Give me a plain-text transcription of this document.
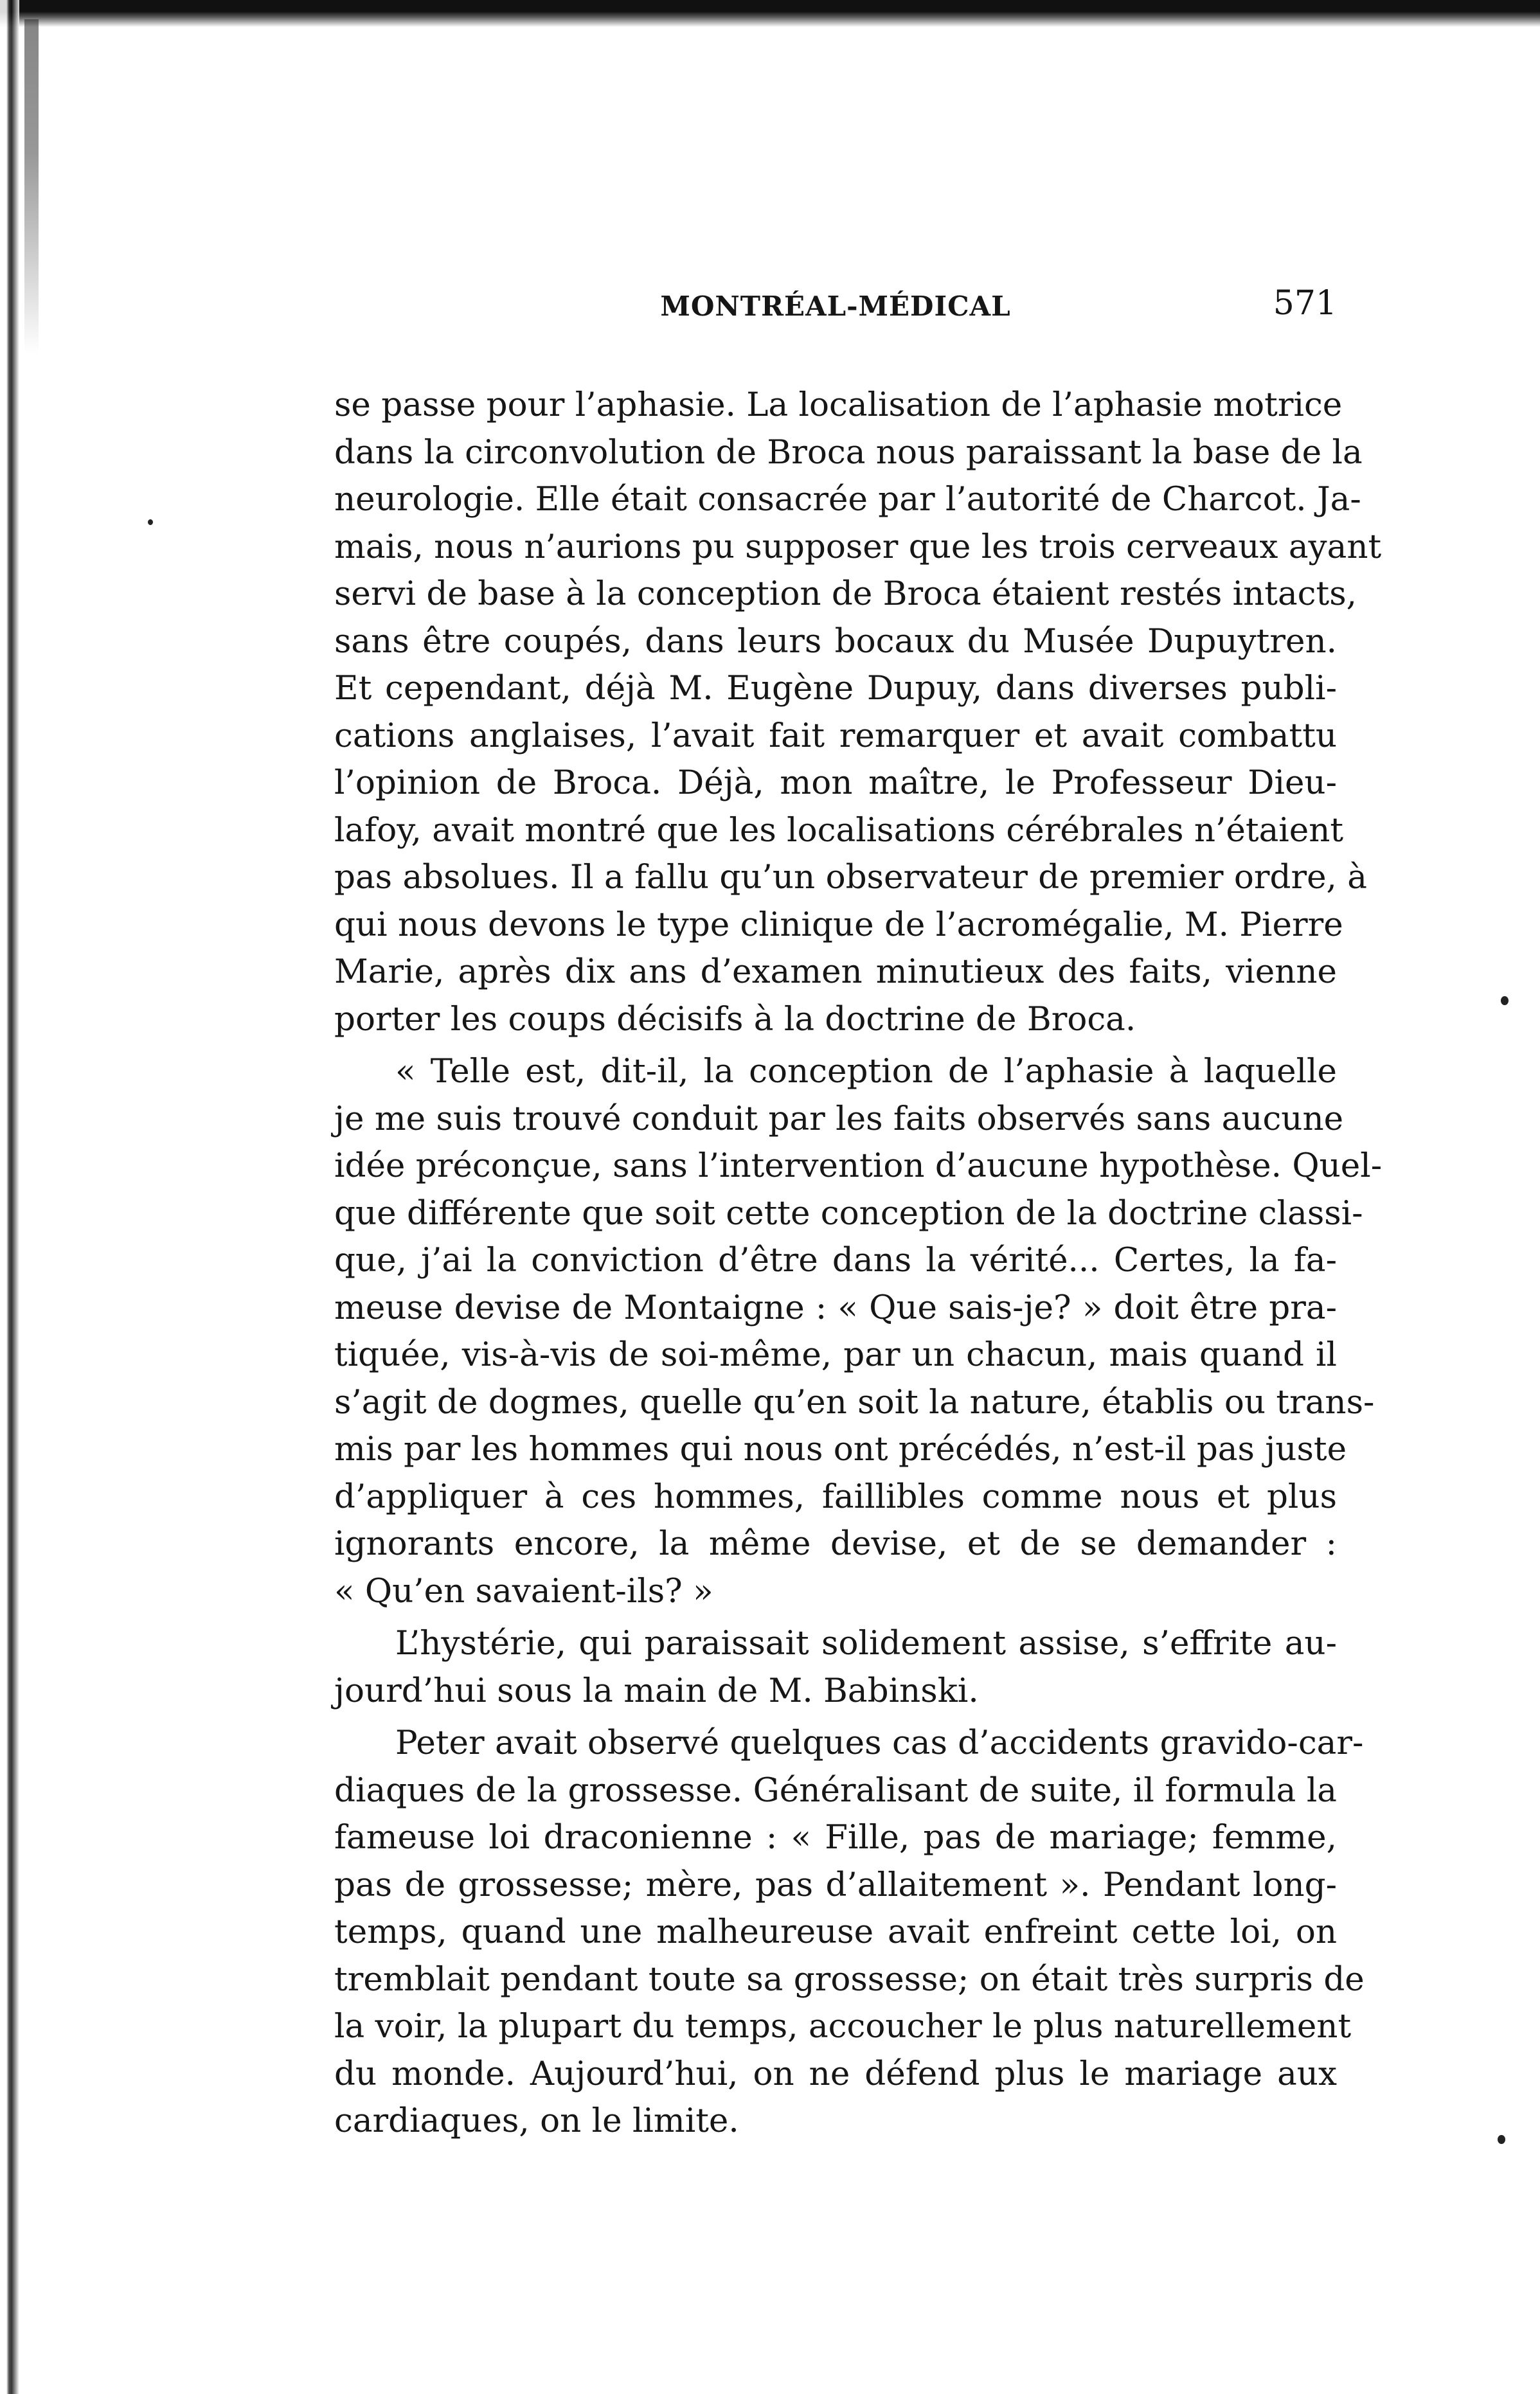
MONTRÉAL-MÉDICAL	571

se passe pour l’aphasie. La localisation de l’aphasie motrice
dans la circonvolution de Broca nous paraissant la base de la
neurologie. Elle était consacrée par l’autorité de Charcot. Ja-
mais, nous n’aurions pu supposer que les trois cerveaux ayant
servi de base à la conception de Broca étaient restés intacts,
sans être coupés, dans leurs bocaux du Musée Dupuytren.
Et cependant, déjà M. Eugène Dupuy, dans diverses publi-
cations anglaises, l’avait fait remarquer et avait combattu
l’opinion de Broca. Déjà, mon maître, le Professeur Dieu-
lafoy, avait montré que les localisations cérébrales n’étaient
pas absolues. Il a fallu qu’un observateur de premier ordre, à
qui nous devons le type clinique de l’acromégalie, M. Pierre
Marie, après dix ans d’examen minutieux des faits, vienne
porter les coups décisifs à la doctrine de Broca.

« Telle est, dit-il, la conception de l’aphasie à laquelle
je me suis trouvé conduit par les faits observés sans aucune
idée préconçue, sans l’intervention d’aucune hypothèse. Quel-
que différente que soit cette conception de la doctrine classi-
que, j’ai la conviction d’être dans la vérité... Certes, la fa-
meuse devise de Montaigne : « Que sais-je? » doit être pra-
tiquée, vis-à-vis de soi-même, par un chacun, mais quand il
s’agit de dogmes, quelle qu’en soit la nature, établis ou trans-
mis par les hommes qui nous ont précédés, n’est-il pas juste
d’appliquer à ces hommes, faillibles comme nous et plus
ignorants encore, la même devise, et de se demander :
« Qu’en savaient-ils? »

L’hystérie, qui paraissait solidement assise, s’effrite au-
jourd’hui sous la main de M. Babinski.

Peter avait observé quelques cas d’accidents gravido-car-
diaques de la grossesse. Généralisant de suite, il formula la
fameuse loi draconienne : « Fille, pas de mariage; femme,
pas de grossesse; mère, pas d’allaitement ». Pendant long-
temps, quand une malheureuse avait enfreint cette loi, on
tremblait pendant toute sa grossesse; on était très surpris de
la voir, la plupart du temps, accoucher le plus naturellement
du monde. Aujourd’hui, on ne défend plus le mariage aux
cardiaques, on le limite.
